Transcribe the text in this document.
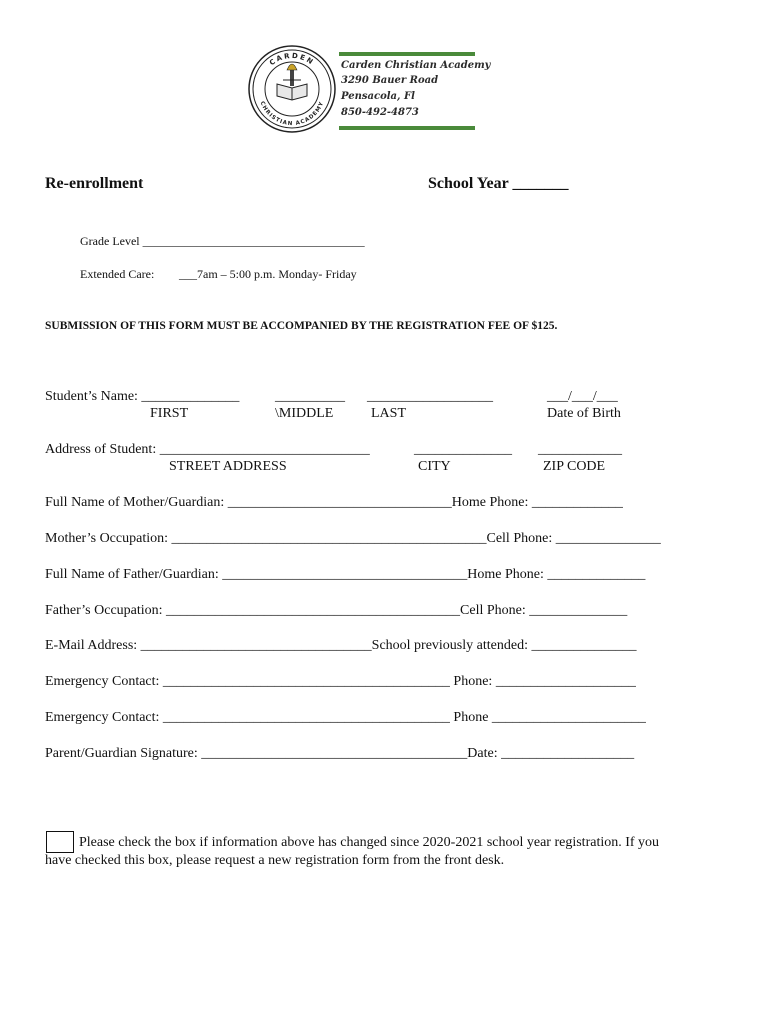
CARDEN
CHRISTIAN ACADEMY
Carden Christian Academy
3290 Bauer Road
Pensacola, Fl
850-492-4873
Re-enrollment	School Year _______
Grade Level _____________________________________
Extended Care: ___7am – 5:00 p.m. Monday- Friday
SUBMISSION OF THIS FORM MUST BE ACCOMPANIED BY THE REGISTRATION FEE OF $125.
Student’s Name: ______________	__________ __________________	___/___/___
FIRST	\MIDDLE	LAST	Date of Birth
Address of Student: ______________________________	______________ ____________
STREET ADDRESS	CITY	ZIP CODE
Full Name of Mother/Guardian: ________________________________Home Phone: _____________
Mother’s Occupation: _____________________________________________Cell Phone: _______________
Full Name of Father/Guardian: ___________________________________Home Phone: ______________
Father’s Occupation: __________________________________________Cell Phone: ______________
E-Mail Address: _________________________________School previously attended: _______________
Emergency Contact: _________________________________________ Phone: ____________________
Emergency Contact: _________________________________________ Phone ______________________
Parent/Guardian Signature: ______________________________________Date: ___________________
Please check the box if information above has changed since 2020-2021 school year registration. If you
have checked this box, please request a new registration form from the front desk.
